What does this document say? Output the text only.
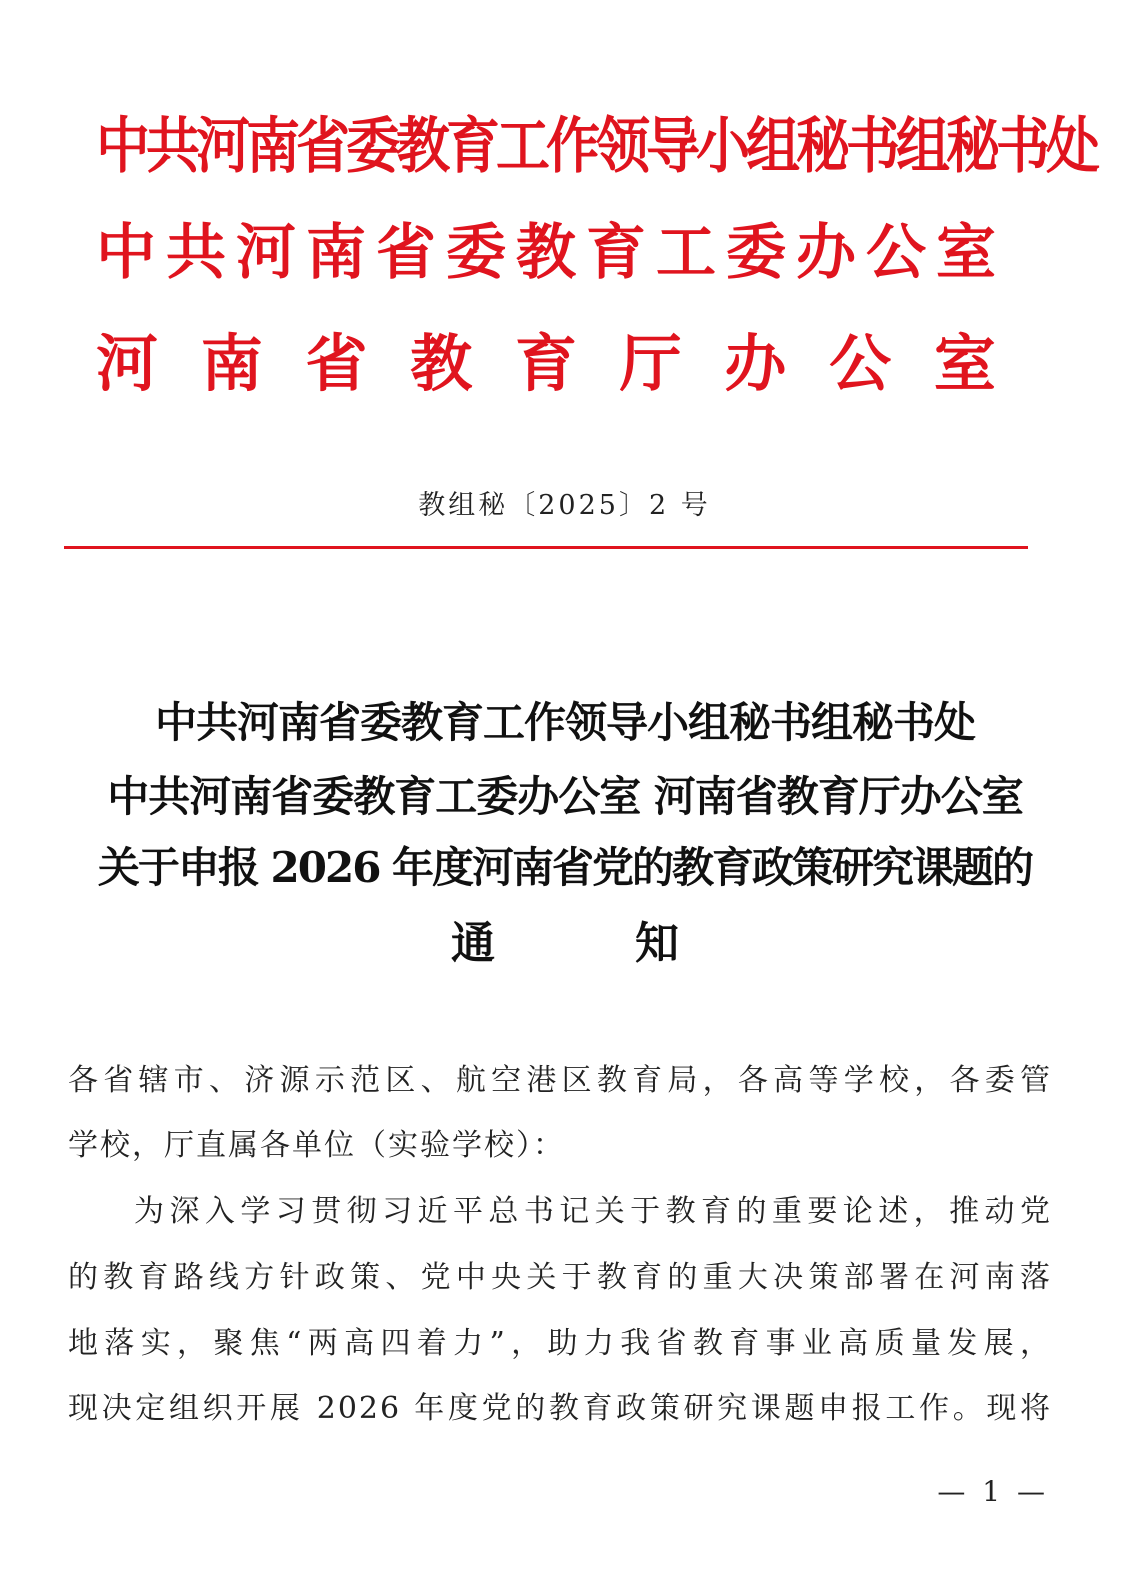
中共河南省委教育工作领导小组秘书组秘书处
中 共 河 南 省 委 教 育 工 委 办 公 室
河 南 省 教 育 厅 办 公 室
教组秘〔2025〕2 号
中共河南省委教育工作领导小组秘书组秘书处
中共河南省委教育工委办公室 河南省教育厅办公室
关于申报 2026 年度河南省党的教育政策研究课题的
通	知
各省辖市、济源示范区、航空港区教育局，各高等学校，各委管
学校，厅直属各单位（实验学校）：
为深入学习贯彻习近平总书记关于教育的重要论述，推动党
的教育路线方针政策、党中央关于教育的重大决策部署在河南落
地落实，聚焦“两高四着力”，助力我省教育事业高质量发展，
现决定组织开展 2026 年度党的教育政策研究课题申报工作。现将
— 1 —
